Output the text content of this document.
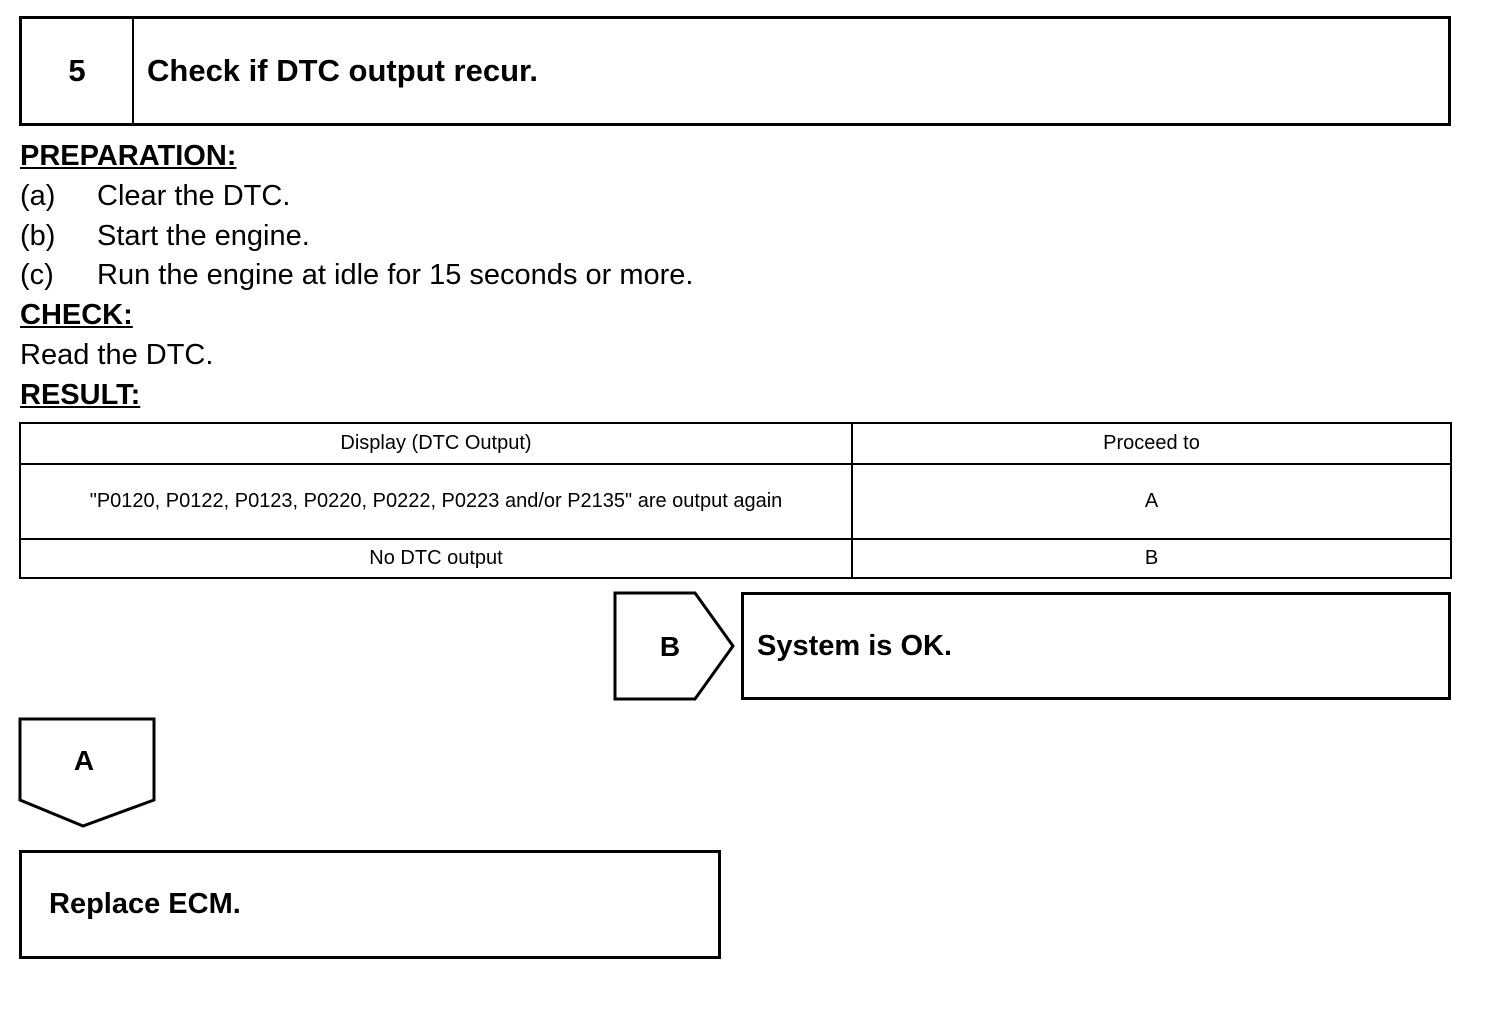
5	Check if DTC output recur.
PREPARATION:
(a) Clear the DTC.
(b) Start the engine.
(c) Run the engine at idle for 15 seconds or more.
CHECK:
Read the DTC.
RESULT:
Display (DTC Output)	Proceed to
"P0120, P0122, P0123, P0220, P0222, P0223 and/or P2135" are output again	A
No DTC output	B
B	System is OK.
A
Replace ECM.
